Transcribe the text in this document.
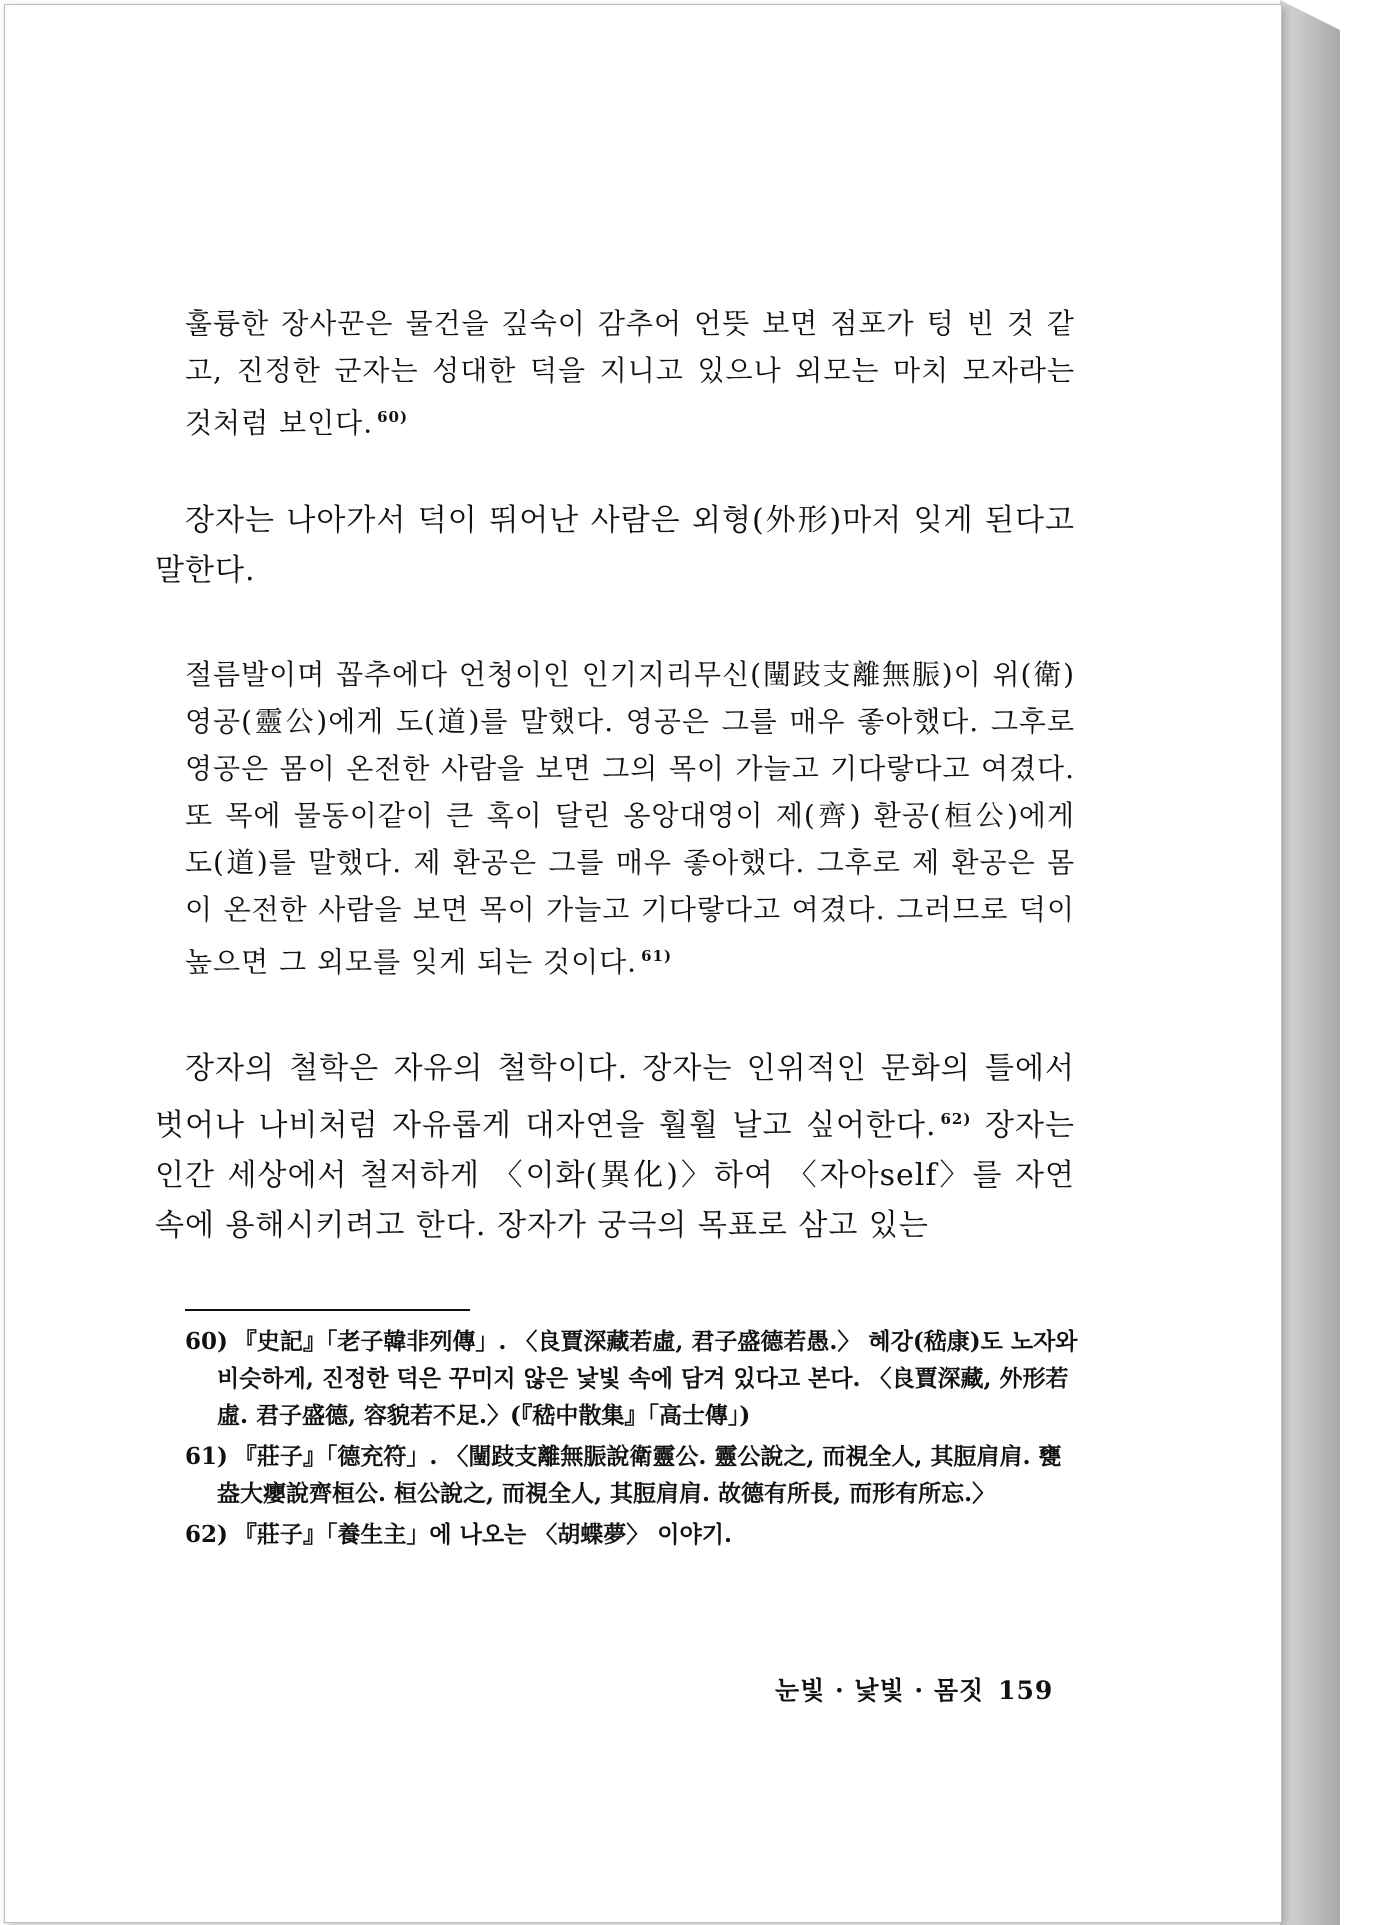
훌륭한 장사꾼은 물건을 깊숙이 감추어 언뜻 보면 점포가 텅 빈 것 같고, 진정한 군자는 성대한 덕을 지니고 있으나 외모는 마치 모자라는 것처럼 보인다. $^{60)}$

장자는 나아가서 덕이 뛰어난 사람은 외형(外形)마저 잊게 된다고 말한다.

절름발이며 꼽추에다 언청이인 인기지리무신(闉跂支離無脤)이 위(衛) 영공(靈公)에게 도(道)를 말했다. 영공은 그를 매우 좋아했다. 그후로 영공은 몸이 온전한 사람을 보면 그의 목이 가늘고 기다랗다고 여겼다. 또 목에 물동이같이 큰 혹이 달린 옹앙대영이 제(齊) 환공(桓公)에게 도(道)를 말했다. 제 환공은 그를 매우 좋아했다. 그후로 제 환공은 몸이 온전한 사람을 보면 목이 가늘고 기다랗다고 여겼다. 그러므로 덕이 높으면 그 외모를 잊게 되는 것이다. $^{61)}$

장자의 철학은 자유의 철학이다. 장자는 인위적인 문화의 틀에서 벗어나 나비처럼 자유롭게 대자연을 훨훨 날고 싶어한다. $^{62)}$ 장자는 인간 세상에서 철저하게 〈이화(異化)〉하여 〈자아self〉를 자연 속에 용해시키려고 한다. 장자가 궁극의 목표로 삼고 있는

60) 『史記』「老子韓非列傳」. 〈良賈深藏若虛, 君子盛德若愚.〉 혜강(嵇康)도 노자와 비슷하게, 진정한 덕은 꾸미지 않은 낯빛 속에 담겨 있다고 본다. 〈良賈深藏, 外形若虛. 君子盛德, 容貌若不足.〉(『嵇中散集』「高士傳」)

61) 『莊子』「德充符」. 〈闉跂支離無脤說衛靈公. 靈公說之, 而視全人, 其脰肩肩. 甕盎大癭說齊桓公. 桓公說之, 而視全人, 其脰肩肩. 故德有所長, 而形有所忘.〉

62) 『莊子』「養生主」에 나오는 〈胡蝶夢〉 이야기.

눈빛 · 낯빛 · 몸짓 159
